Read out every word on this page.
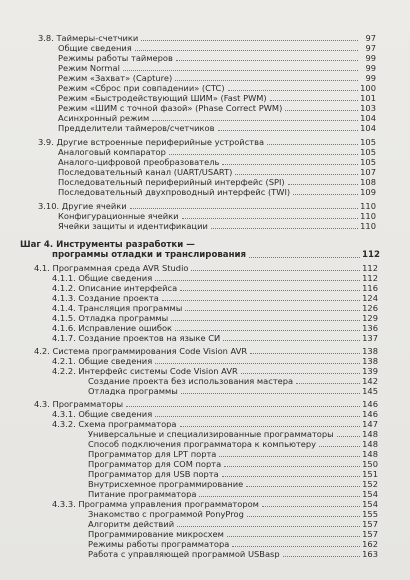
3.8. Таймеры-счетчики	97
Общие сведения	97
Режимы работы таймеров	99
Режим Normal	99
Режим «Захват» (Capture)	99
Режим «Сброс при совпадении» (CTC)	100
Режим «Быстродействующий ШИМ» (Fast PWM)	101
Режим «ШИМ с точной фазой» (Phase Correct PWM)	103
Асинхронный режим	104
Предделители таймеров/счетчиков	104
3.9. Другие встроенные периферийные устройства	105
Аналоговый компаратор	105
Аналого-цифровой преобразователь	105
Последовательный канал (UART/USART)	107
Последовательный периферийный интерфейс (SPI)	108
Последовательный двухпроводный интерфейс (TWI)	109
3.10. Другие ячейки	110
Конфигурационные ячейки	110
Ячейки защиты и идентификации	110
Шаг 4. Инструменты разработки —
программы отладки и транслирования	112
4.1. Программная среда AVR Studio	112
4.1.1. Общие сведения	112
4.1.2. Описание интерфейса	116
4.1.3. Создание проекта	124
4.1.4. Трансляция программы	126
4.1.5. Отладка программы	129
4.1.6. Исправление ошибок	136
4.1.7. Создание проектов на языке СИ	137
4.2. Система программирования Code Vision AVR	138
4.2.1. Общие сведения	138
4.2.2. Интерфейс системы Code Vision AVR	139
Создание проекта без использования мастера	142
Отладка программы	145
4.3. Программаторы	146
4.3.1. Общие сведения	146
4.3.2. Схема программатора	147
Универсальные и специализированные программаторы	148
Способ подключения программатора к компьютеру	148
Программатор для LPT порта	148
Программатор для COM порта	150
Программатор для USB порта	151
Внутрисхемное программирование	152
Питание программатора	154
4.3.3. Программа управления программатором	154
Знакомство с программой PonyProg	155
Алгоритм действий	157
Программирование микросхем	157
Режимы работы программатора	162
Работа с управляющей программой USBasp	163
